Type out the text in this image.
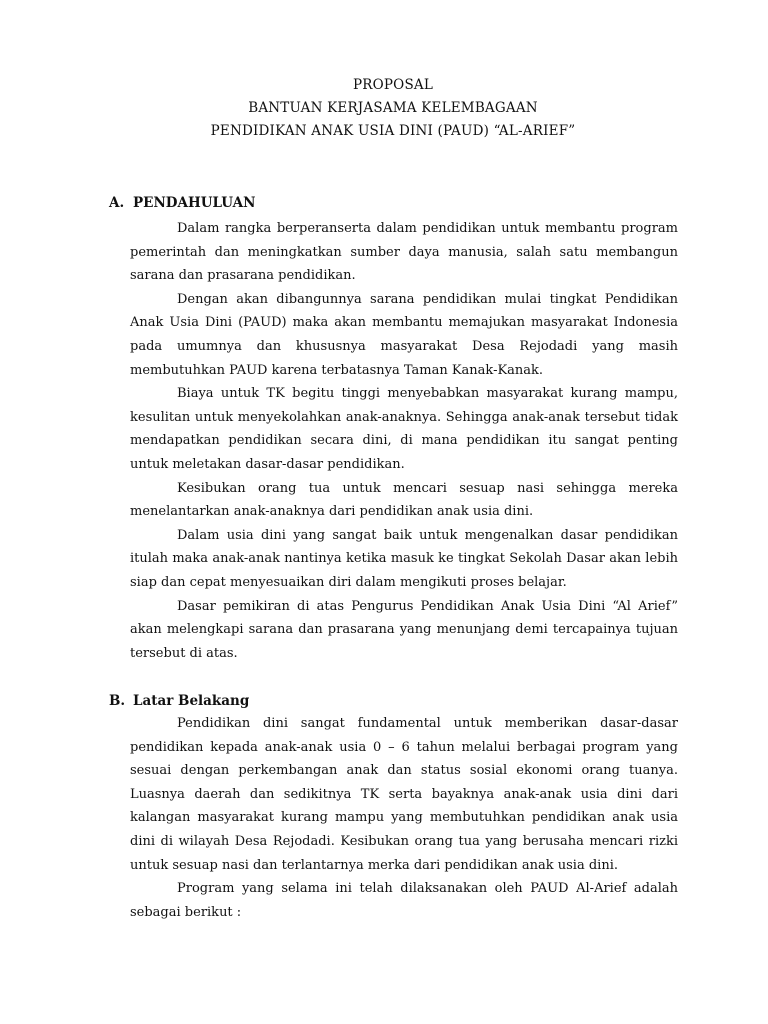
PROPOSAL
BANTUAN KERJASAMA KELEMBAGAAN
PENDIDIKAN ANAK USIA DINI (PAUD) “AL-ARIEF”
A. PENDAHULUAN

Dalam rangka berperanserta dalam pendidikan untuk membantu program pemerintah dan meningkatkan sumber daya manusia, salah satu membangun sarana dan prasarana pendidikan.

Dengan akan dibangunnya sarana pendidikan mulai tingkat Pendidikan Anak Usia Dini (PAUD) maka akan membantu memajukan masyarakat Indonesia pada umumnya dan khususnya masyarakat Desa Rejodadi yang masih membutuhkan PAUD karena terbatasnya Taman Kanak-Kanak.

Biaya untuk TK begitu tinggi menyebabkan masyarakat kurang mampu, kesulitan untuk menyekolahkan anak-anaknya. Sehingga anak-anak tersebut tidak mendapatkan pendidikan secara dini, di mana pendidikan itu sangat penting untuk meletakan dasar-dasar pendidikan.

Kesibukan orang tua untuk mencari sesuap nasi sehingga mereka menelantarkan anak-anaknya dari pendidikan anak usia dini.

Dalam usia dini yang sangat baik untuk mengenalkan dasar pendidikan itulah maka anak-anak nantinya ketika masuk ke tingkat Sekolah Dasar akan lebih siap dan cepat menyesuaikan diri dalam mengikuti proses belajar.

Dasar pemikiran di atas Pengurus Pendidikan Anak Usia Dini “Al Arief” akan melengkapi sarana dan prasarana yang menunjang demi tercapainya tujuan tersebut di atas.

B. Latar Belakang

Pendidikan dini sangat fundamental untuk memberikan dasar-dasar pendidikan kepada anak-anak usia 0 – 6 tahun melalui berbagai program yang sesuai dengan perkembangan anak dan status sosial ekonomi orang tuanya. Luasnya daerah dan sedikitnya TK serta bayaknya anak-anak usia dini dari kalangan masyarakat kurang mampu yang membutuhkan pendidikan anak usia dini di wilayah Desa Rejodadi. Kesibukan orang tua yang berusaha mencari rizki untuk sesuap nasi dan terlantarnya merka dari pendidikan anak usia dini.

Program yang selama ini telah dilaksanakan oleh PAUD Al-Arief adalah sebagai berikut :
